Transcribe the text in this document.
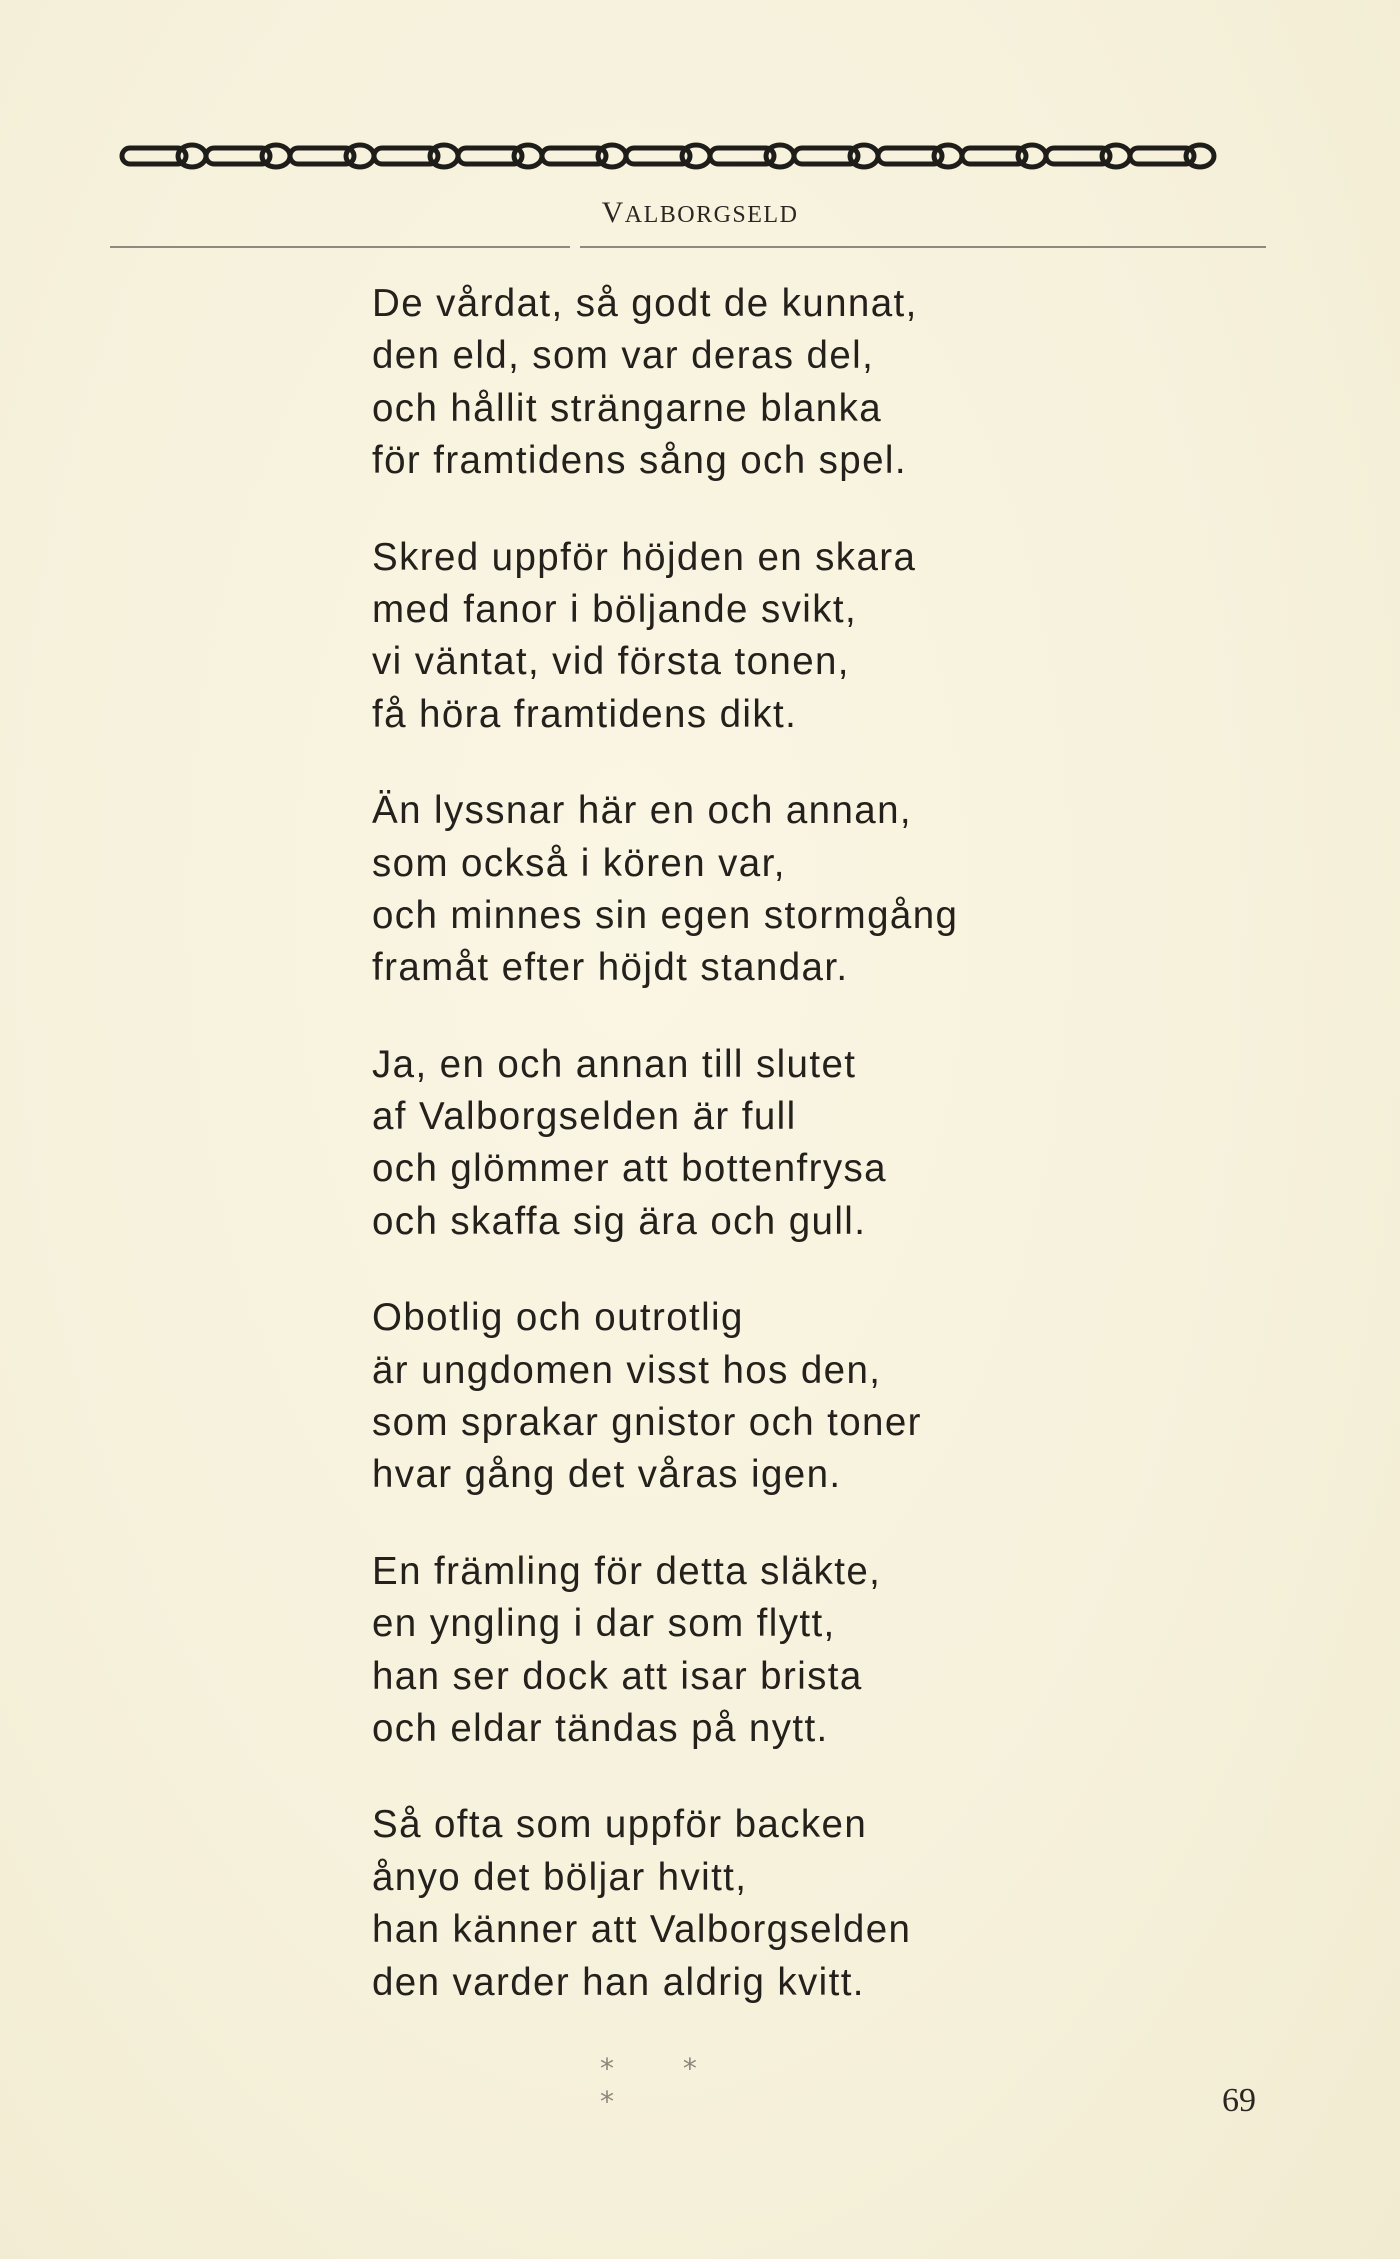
VALBORGSELD
De vårdat, så godt de kunnat,
den eld, som var deras del,
och hållit strängarne blanka
för framtidens sång och spel.
Skred uppför höjden en skara
med fanor i böljande svikt,
vi väntat, vid första tonen,
få höra framtidens dikt.
Än lyssnar här en och annan,
som också i kören var,
och minnes sin egen stormgång
framåt efter höjdt standar.
Ja, en och annan till slutet
af Valborgselden är full
och glömmer att bottenfrysa
och skaffa sig ära och gull.
Obotlig och outrotlig
är ungdomen visst hos den,
som sprakar gnistor och toner
hvar gång det våras igen.
En främling för detta släkte,
en yngling i dar som flytt,
han ser dock att isar brista
och eldar tändas på nytt.
Så ofta som uppför backen
ånyo det böljar hvitt,
han känner att Valborgselden
den varder han aldrig kvitt.
* * *	69
